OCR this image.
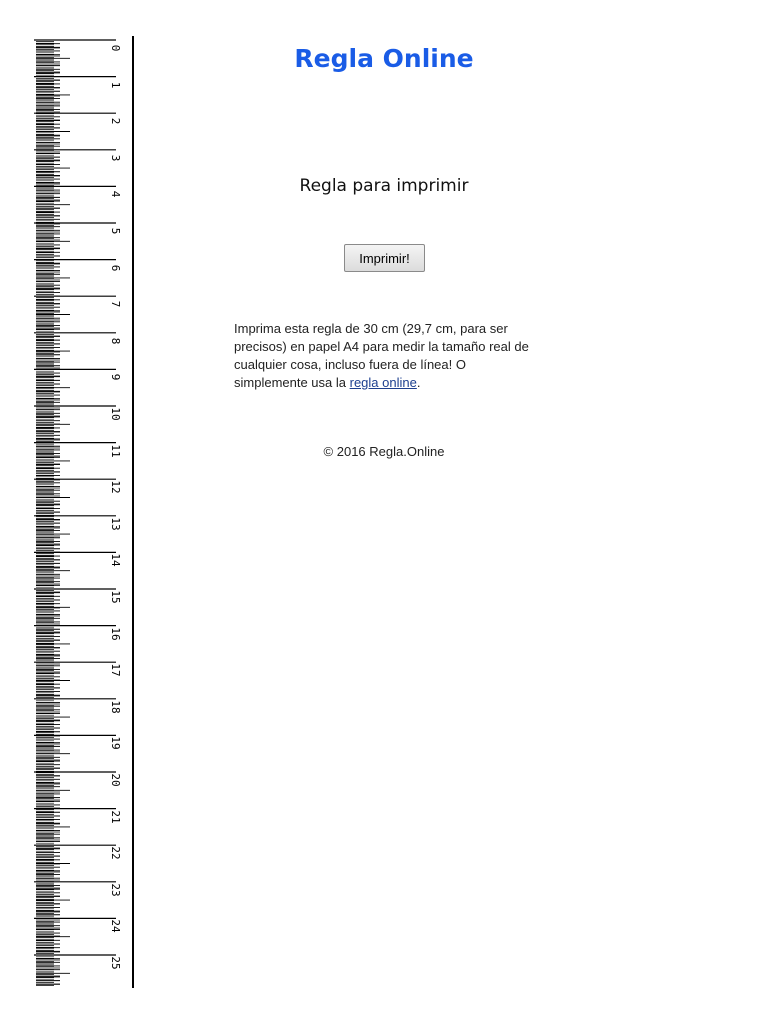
0
1
2
3
4
5
6
7
8
9
10
11
12
13
14
15
16
17
18
19
20
21
22
23
24
25
Regla Online
Regla para imprimir
Imprimir!

Imprima esta regla de 30 cm (29,7 cm, para ser precisos) en papel A4 para medir la tamaño real de cualquier cosa, incluso fuera de línea! O simplemente usa la regla online.

© 2016 Regla.Online
